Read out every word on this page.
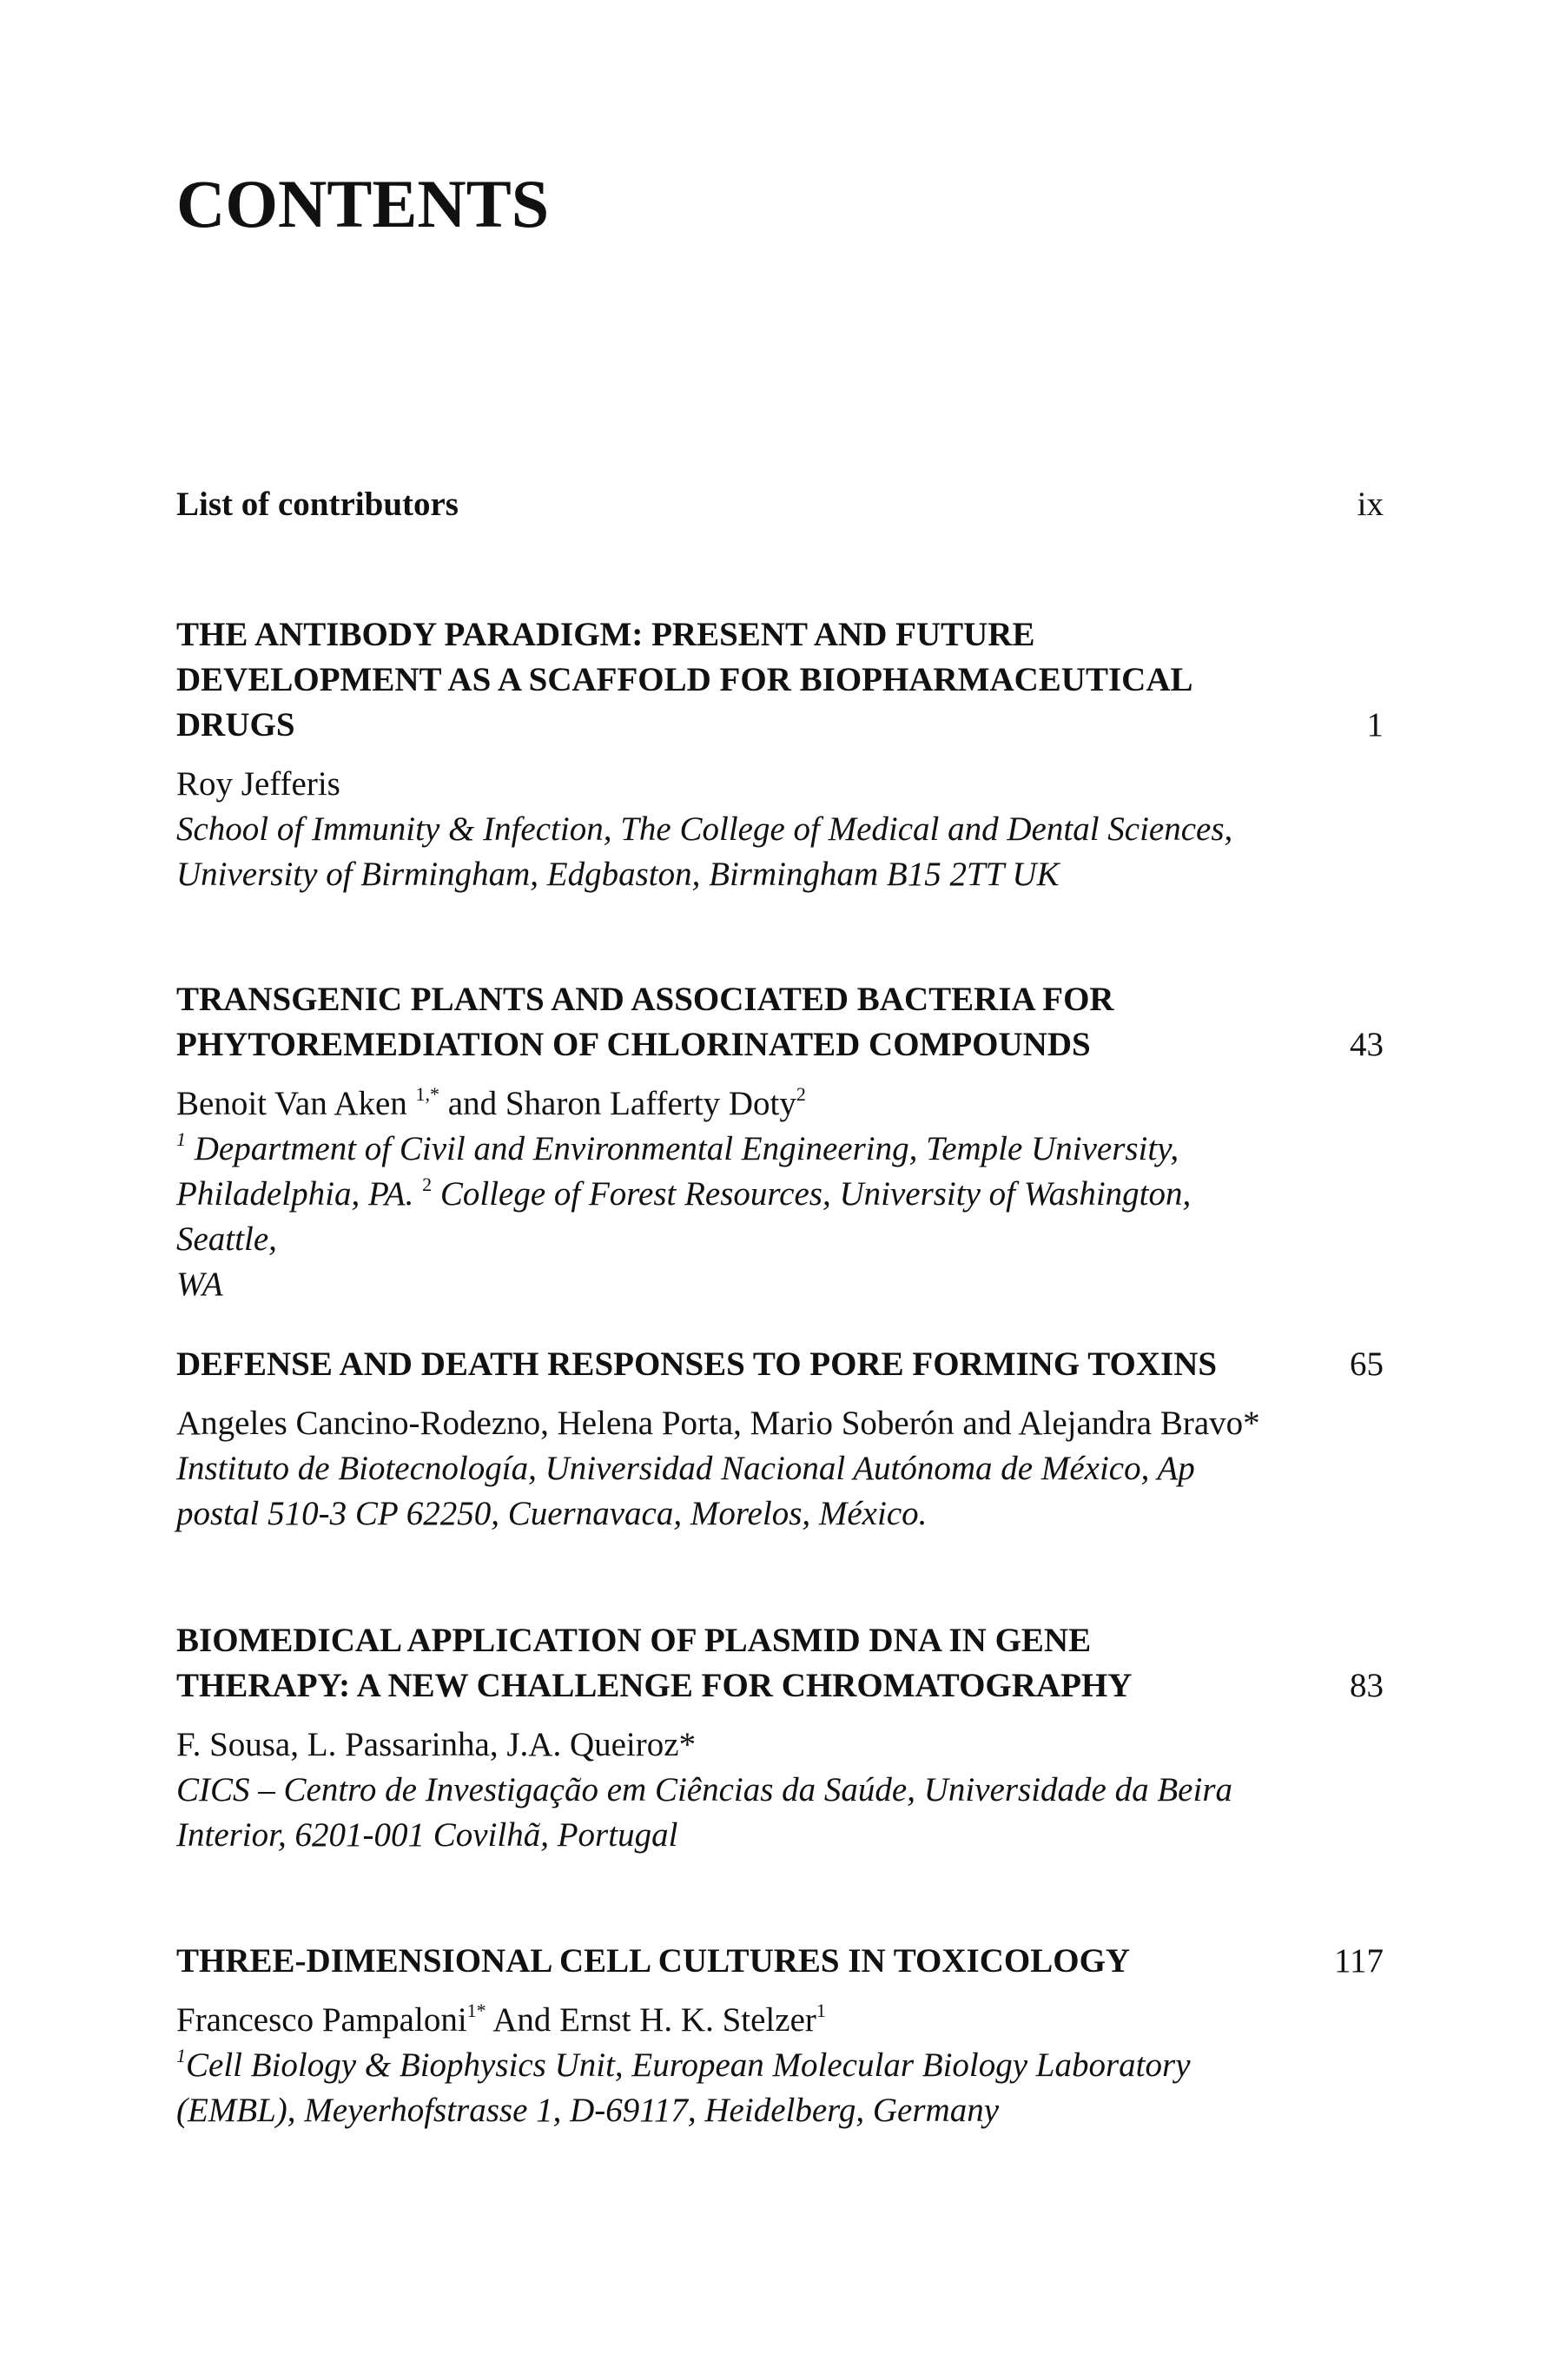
CONTENTS
List of contributors	ix
THE ANTIBODY PARADIGM: PRESENT AND FUTURE
DEVELOPMENT AS A SCAFFOLD FOR BIOPHARMACEUTICAL
DRUGS	1
Roy Jefferis
School of Immunity & Infection, The College of Medical and Dental Sciences,
University of Birmingham, Edgbaston, Birmingham B15 2TT UK
TRANSGENIC PLANTS AND ASSOCIATED BACTERIA FOR
PHYTOREMEDIATION OF CHLORINATED COMPOUNDS	43
Benoit Van Aken $^{1,*}$ and Sharon Lafferty Doty$^2$
$^1$ Department of Civil and Environmental Engineering, Temple University,
Philadelphia, PA. $^2$ College of Forest Resources, University of Washington, Seattle,
WA
DEFENSE AND DEATH RESPONSES TO PORE FORMING TOXINS	65
Angeles Cancino-Rodezno, Helena Porta, Mario Soberón and Alejandra Bravo*
Instituto de Biotecnología, Universidad Nacional Autónoma de México, Ap
postal 510-3 CP 62250, Cuernavaca, Morelos, México.
BIOMEDICAL APPLICATION OF PLASMID DNA IN GENE
THERAPY: A NEW CHALLENGE FOR CHROMATOGRAPHY	83
F. Sousa, L. Passarinha, J.A. Queiroz*
CICS – Centro de Investigação em Ciências da Saúde, Universidade da Beira
Interior, 6201-001 Covilhã, Portugal
THREE-DIMENSIONAL CELL CULTURES IN TOXICOLOGY	117
Francesco Pampaloni$^{1*}$ And Ernst H. K. Stelzer$^1$
$^1$Cell Biology & Biophysics Unit, European Molecular Biology Laboratory
(EMBL), Meyerhofstrasse 1, D-69117, Heidelberg, Germany
